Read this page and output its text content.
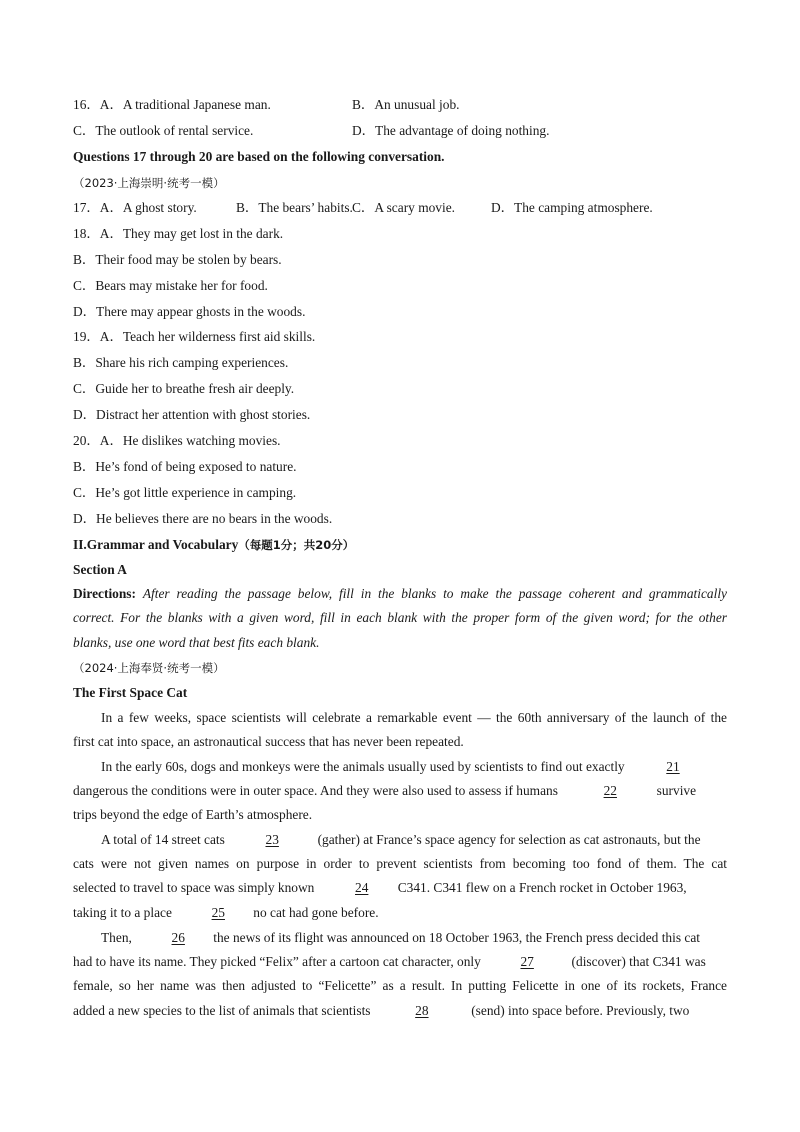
16．A．A traditional Japanese man.	B．An unusual job.
C．The outlook of rental service.	D．The advantage of doing nothing.
Questions 17 through 20 are based on the following conversation.
（2023·上海崇明·统考一模）
17．A．A ghost story.	B．The bears’ habits. C．A scary movie.	D．The camping atmosphere.
18．A．They may get lost in the dark.
B．Their food may be stolen by bears.
C．Bears may mistake her for food.
D．There may appear ghosts in the woods.
19．A．Teach her wilderness first aid skills.
B．Share his rich camping experiences.
C．Guide her to breathe fresh air deeply.
D．Distract her attention with ghost stories.
20．A．He dislikes watching movies.
B．He’s fond of being exposed to nature.
C．He’s got little experience in camping.
D．He believes there are no bears in the woods.
II.Grammar and Vocabulary（每题1分；共20分）
Section A
Directions: After reading the passage below, fill in the blanks to make the passage coherent and grammatically
correct. For the blanks with a given word, fill in each blank with the proper form of the given word; for the other
blanks, use one word that best fits each blank.
（2024·上海奉贤·统考一模）
The First Space Cat
In a few weeks, space scientists will celebrate a remarkable event — the 60th anniversary of the launch of the
first cat into space, an astronautical success that has never been repeated.
In the early 60s, dogs and monkeys were the animals usually used by scientists to find out exactly	21
dangerous the conditions were in outer space. And they were also used to assess if humans	22	survive
trips beyond the edge of Earth’s atmosphere.
A total of 14 street cats	23	(gather) at France’s space agency for selection as cat astronauts, but the
cats were not given names on purpose in order to prevent scientists from becoming too fond of them. The cat
selected to travel to space was simply known	24 C341. C341 flew on a French rocket in October 1963,
taking it to a place	25 no cat had gone before.
Then,	26 the news of its flight was announced on 18 October 1963, the French press decided this cat
had to have its name. They picked “Felix” after a cartoon cat character, only	27	(discover) that C341 was
female, so her name was then adjusted to “Felicette” as a result. In putting Felicette in one of its rockets, France
added a new species to the list of animals that scientists	28	(send) into space before. Previously, two
